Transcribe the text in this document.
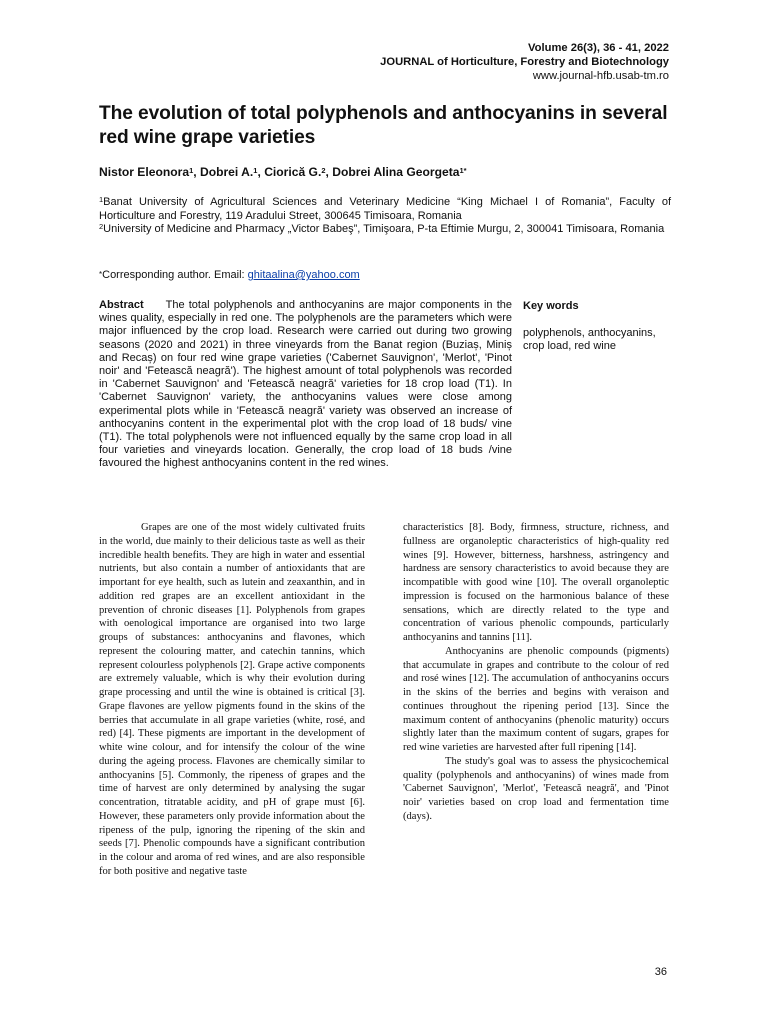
Volume 26(3), 36 - 41, 2022
JOURNAL of Horticulture, Forestry and Biotechnology
www.journal-hfb.usab-tm.ro
The evolution of total polyphenols and anthocyanins in several red wine grape varieties
Nistor Eleonora$^1$, Dobrei A.$^1$, Ciorică G.$^2$, Dobrei Alina Georgeta$^{1*}$
$^1$Banat University of Agricultural Sciences and Veterinary Medicine “King Michael I of Romania”, Faculty of Horticulture and Forestry, 119 Aradului Street, 300645 Timisoara, Romania
$^2$University of Medicine and Pharmacy „Victor Babeş”, Timişoara, P-ta Eftimie Murgu, 2, 300041 Timisoara, Romania
*Corresponding author. Email: ghitaalina@yahoo.com

Abstract The total polyphenols and anthocyanins are major components in the wines quality, especially in red one. The polyphenols are the parameters which were major influenced by the crop load. Research were carried out during two growing seasons (2020 and 2021) in three vineyards from the Banat region (Buziaș, Miniș and Recaș) on four red wine grape varieties ('Cabernet Sauvignon', 'Merlot', 'Pinot noir' and 'Fetească neagră'). The highest amount of total polyphenols was recorded in 'Cabernet Sauvignon' and 'Fetească neagră' varieties for 18 crop load (T1). In 'Cabernet Sauvignon' variety, the anthocyanins values were close among experimental plots while in 'Fetească neagră' variety was observed an increase of anthocyanins content in the experimental plot with the crop load of 18 buds/ vine (T1). The total polyphenols were not influenced equally by the same crop load in all four varieties and vineyards location. Generally, the crop load of 18 buds /vine favoured the highest anthocyanins content in the red wines.

Key words
polyphenols, anthocyanins, crop load, red wine

Grapes are one of the most widely cultivated fruits in the world, due mainly to their delicious taste as well as their incredible health benefits. They are high in water and essential nutrients, but also contain a number of antioxidants that are important for eye health, such as lutein and zeaxanthin, and in addition red grapes are an excellent antioxidant in the prevention of chronic diseases [1]. Polyphenols from grapes with oenological importance are organised into two large groups of substances: anthocyanins and flavones, which represent the colouring matter, and catechin tannins, which represent colourless polyphenols [2]. Grape active components are extremely valuable, which is why their evolution during grape processing and until the wine is obtained is critical [3]. Grape flavones are yellow pigments found in the skins of the berries that accumulate in all grape varieties (white, rosé, and red) [4]. These pigments are important in the development of white wine colour, and for intensify the colour of the wine during the ageing process. Flavones are chemically similar to anthocyanins [5]. Commonly, the ripeness of grapes and the time of harvest are only determined by analysing the sugar concentration, titratable acidity, and pH of grape must [6]. However, these parameters only provide information about the ripeness of the pulp, ignoring the ripening of the skin and seeds [7]. Phenolic compounds have a significant contribution in the colour and aroma of red wines, and are also responsible for both positive and negative taste

characteristics [8]. Body, firmness, structure, richness, and fullness are organoleptic characteristics of high-quality red wines [9]. However, bitterness, harshness, astringency and hardness are sensory characteristics to avoid because they are incompatible with good wine [10]. The overall organoleptic impression is focused on the harmonious balance of these sensations, which are directly related to the type and concentration of various phenolic compounds, particularly anthocyanins and tannins [11].

Anthocyanins are phenolic compounds (pigments) that accumulate in grapes and contribute to the colour of red and rosé wines [12]. The accumulation of anthocyanins occurs in the skins of the berries and begins with veraison and continues throughout the ripening period [13]. Since the maximum content of anthocyanins (phenolic maturity) occurs slightly later than the maximum content of sugars, grapes for red wine varieties are harvested after full ripening [14].

The study's goal was to assess the physicochemical quality (polyphenols and anthocyanins) of wines made from 'Cabernet Sauvignon', 'Merlot', 'Fetească neagră', and 'Pinot noir' varieties based on crop load and fermentation time (days).

36
